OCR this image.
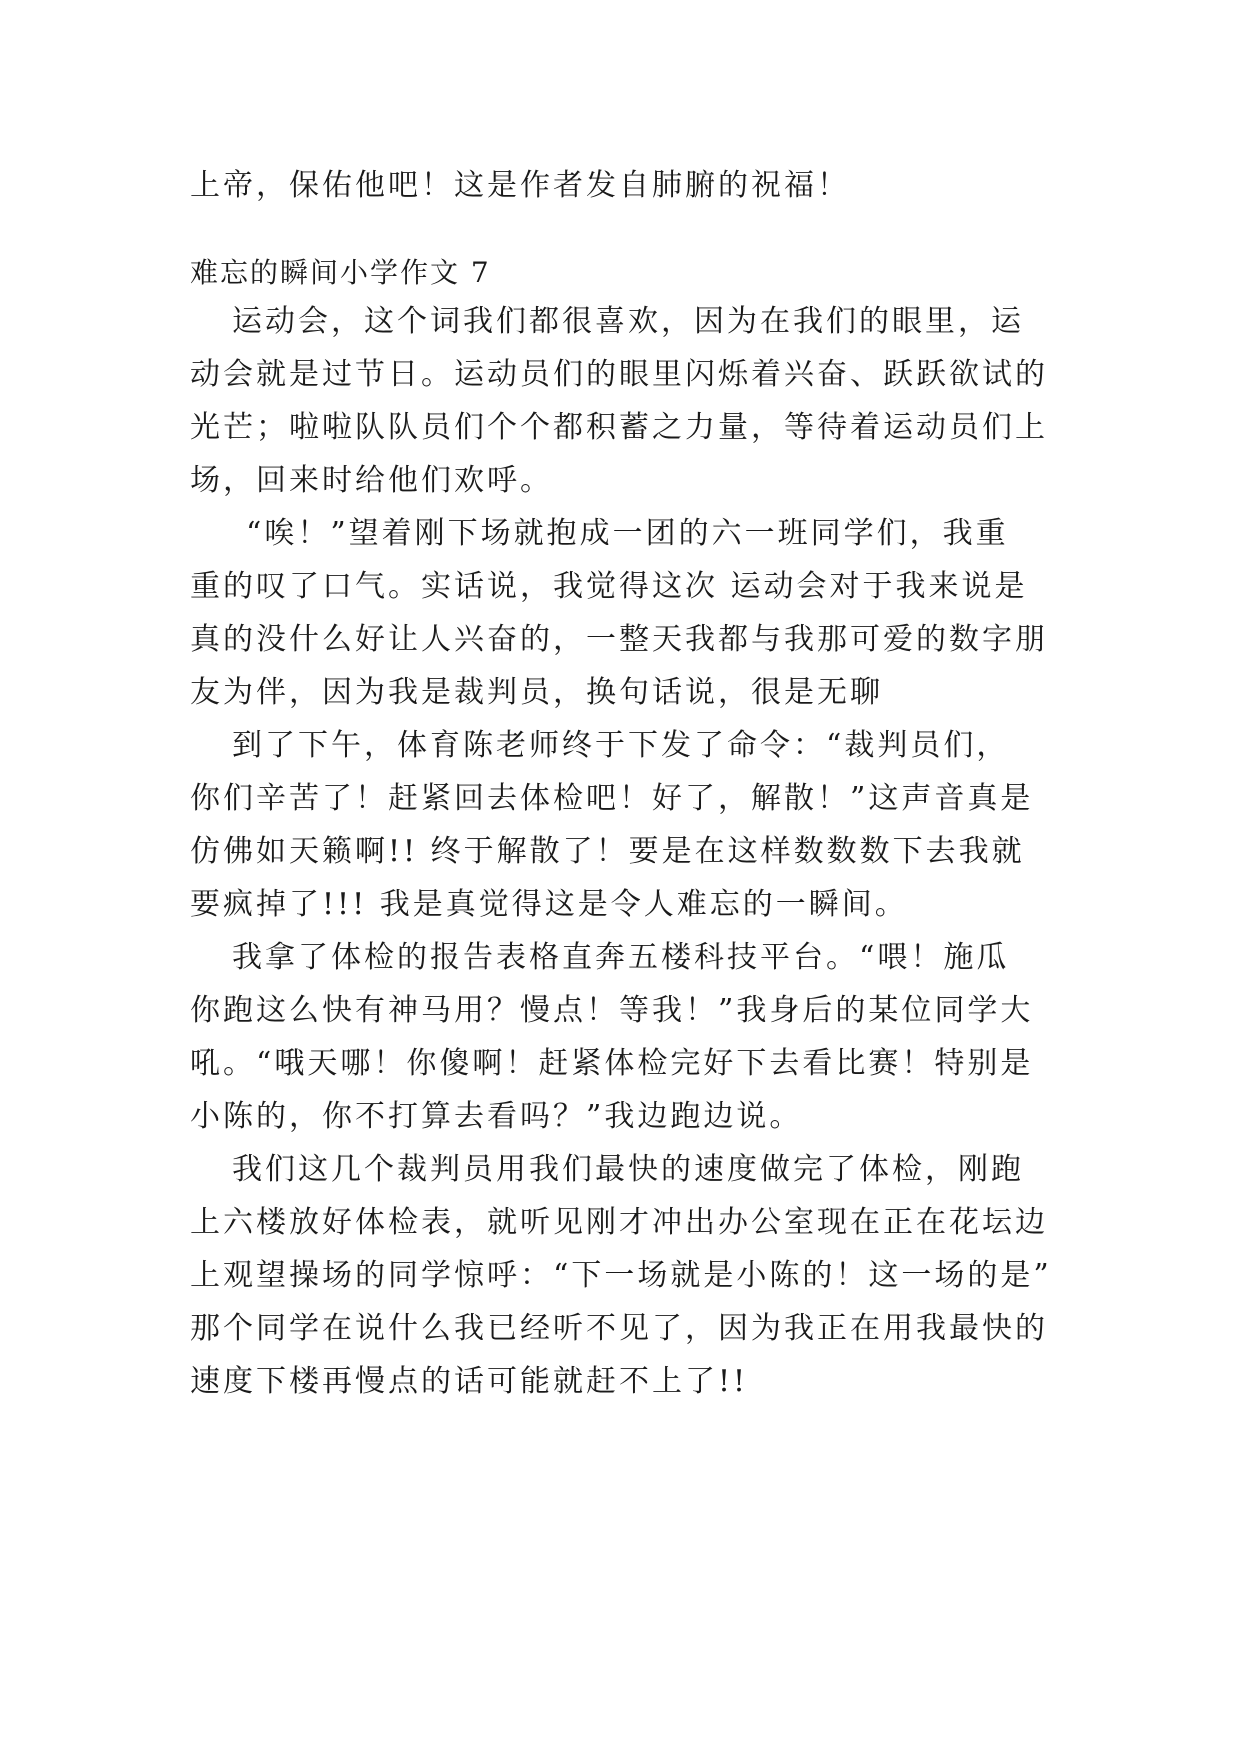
上帝，保佑他吧！这是作者发自肺腑的祝福！
难忘的瞬间小学作文 7
运动会，这个词我们都很喜欢，因为在我们的眼里，运
动会就是过节日。运动员们的眼里闪烁着兴奋、跃跃欲试的
光芒；啦啦队队员们个个都积蓄之力量，等待着运动员们上
场，回来时给他们欢呼。
“唉！”望着刚下场就抱成一团的六一班同学们，我重
重的叹了口气。实话说，我觉得这次 运动会对于我来说是
真的没什么好让人兴奋的，一整天我都与我那可爱的数字朋
友为伴，因为我是裁判员，换句话说，很是无聊
到了下午，体育陈老师终于下发了命令：“裁判员们，
你们辛苦了！赶紧回去体检吧！好了，解散！”这声音真是
仿佛如天籁啊!! 终于解散了！要是在这样数数数下去我就
要疯掉了!!! 我是真觉得这是令人难忘的一瞬间。
我拿了体检的报告表格直奔五楼科技平台。“喂！施瓜
你跑这么快有神马用？慢点！等我！”我身后的某位同学大
吼。“哦天哪！你傻啊！赶紧体检完好下去看比赛！特别是
小陈的，你不打算去看吗？”我边跑边说。
我们这几个裁判员用我们最快的速度做完了体检，刚跑
上六楼放好体检表，就听见刚才冲出办公室现在正在花坛边
上观望操场的同学惊呼：“下一场就是小陈的！这一场的是”
那个同学在说什么我已经听不见了，因为我正在用我最快的
速度下楼再慢点的话可能就赶不上了!!
